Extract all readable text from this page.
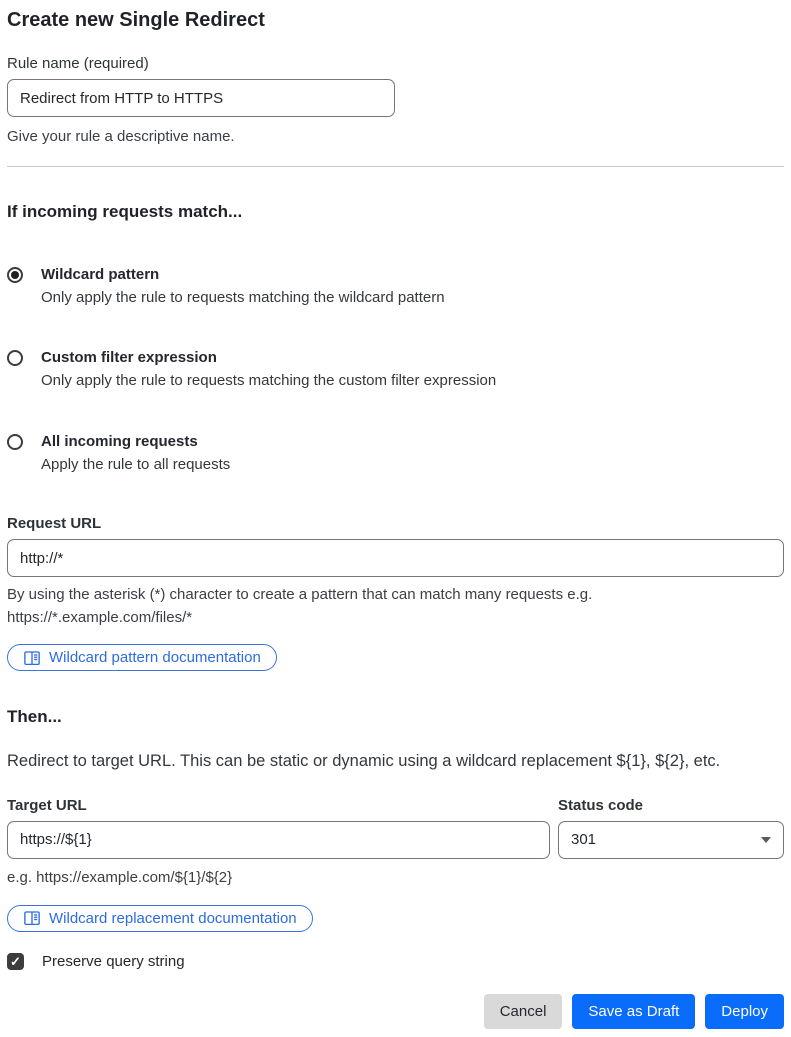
Create new Single Redirect
Rule name (required)
Redirect from HTTP to HTTPS
Give your rule a descriptive name.
If incoming requests match...
Wildcard pattern
Only apply the rule to requests matching the wildcard pattern
Custom filter expression
Only apply the rule to requests matching the custom filter expression
All incoming requests
Apply the rule to all requests
Request URL
http://*
By using the asterisk (*) character to create a pattern that can match many requests e.g.
https://*.example.com/files/*
Wildcard pattern documentation
Then...

Redirect to target URL. This can be static or dynamic using a wildcard replacement ${1}, ${2}, etc.

Target URL
https://${1}
e.g. https://example.com/${1}/${2}
Status code
301
Wildcard replacement documentation
✓
Preserve query string
Cancel	Save as Draft	Deploy
